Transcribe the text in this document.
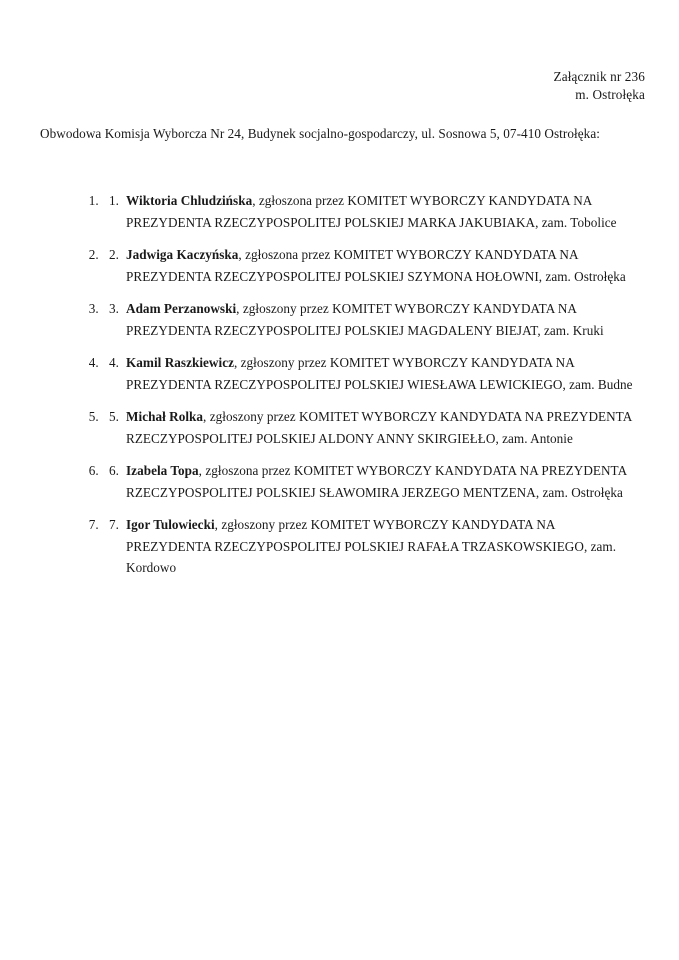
Załącznik nr 236
m. Ostrołęka
Obwodowa Komisja Wyborcza Nr 24, Budynek socjalno-gospodarczy, ul. Sosnowa 5, 07-410 Ostrołęka:
1. 1. Wiktoria Chludzińska, zgłoszona przez KOMITET WYBORCZY KANDYDATA NA PREZYDENTA RZECZYPOSPOLITEJ POLSKIEJ MARKA JAKUBIAKA, zam. Tobolice
2. 2. Jadwiga Kaczyńska, zgłoszona przez KOMITET WYBORCZY KANDYDATA NA PREZYDENTA RZECZYPOSPOLITEJ POLSKIEJ SZYMONA HOŁOWNI, zam. Ostrołęka
3. 3. Adam Perzanowski, zgłoszony przez KOMITET WYBORCZY KANDYDATA NA PREZYDENTA RZECZYPOSPOLITEJ POLSKIEJ MAGDALENY BIEJAT, zam. Kruki
4. 4. Kamil Raszkiewicz, zgłoszony przez KOMITET WYBORCZY KANDYDATA NA PREZYDENTA RZECZYPOSPOLITEJ POLSKIEJ WIESŁAWA LEWICKIEGO, zam. Budne
5. 5. Michał Rolka, zgłoszony przez KOMITET WYBORCZY KANDYDATA NA PREZYDENTA RZECZYPOSPOLITEJ POLSKIEJ ALDONY ANNY SKIRGIEŁŁO, zam. Antonie
6. 6. Izabela Topa, zgłoszona przez KOMITET WYBORCZY KANDYDATA NA PREZYDENTA RZECZYPOSPOLITEJ POLSKIEJ SŁAWOMIRA JERZEGO MENTZENA, zam. Ostrołęka
7. 7. Igor Tulowiecki, zgłoszony przez KOMITET WYBORCZY KANDYDATA NA PREZYDENTA RZECZYPOSPOLITEJ POLSKIEJ RAFAŁA TRZASKOWSKIEGO, zam. Kordowo
